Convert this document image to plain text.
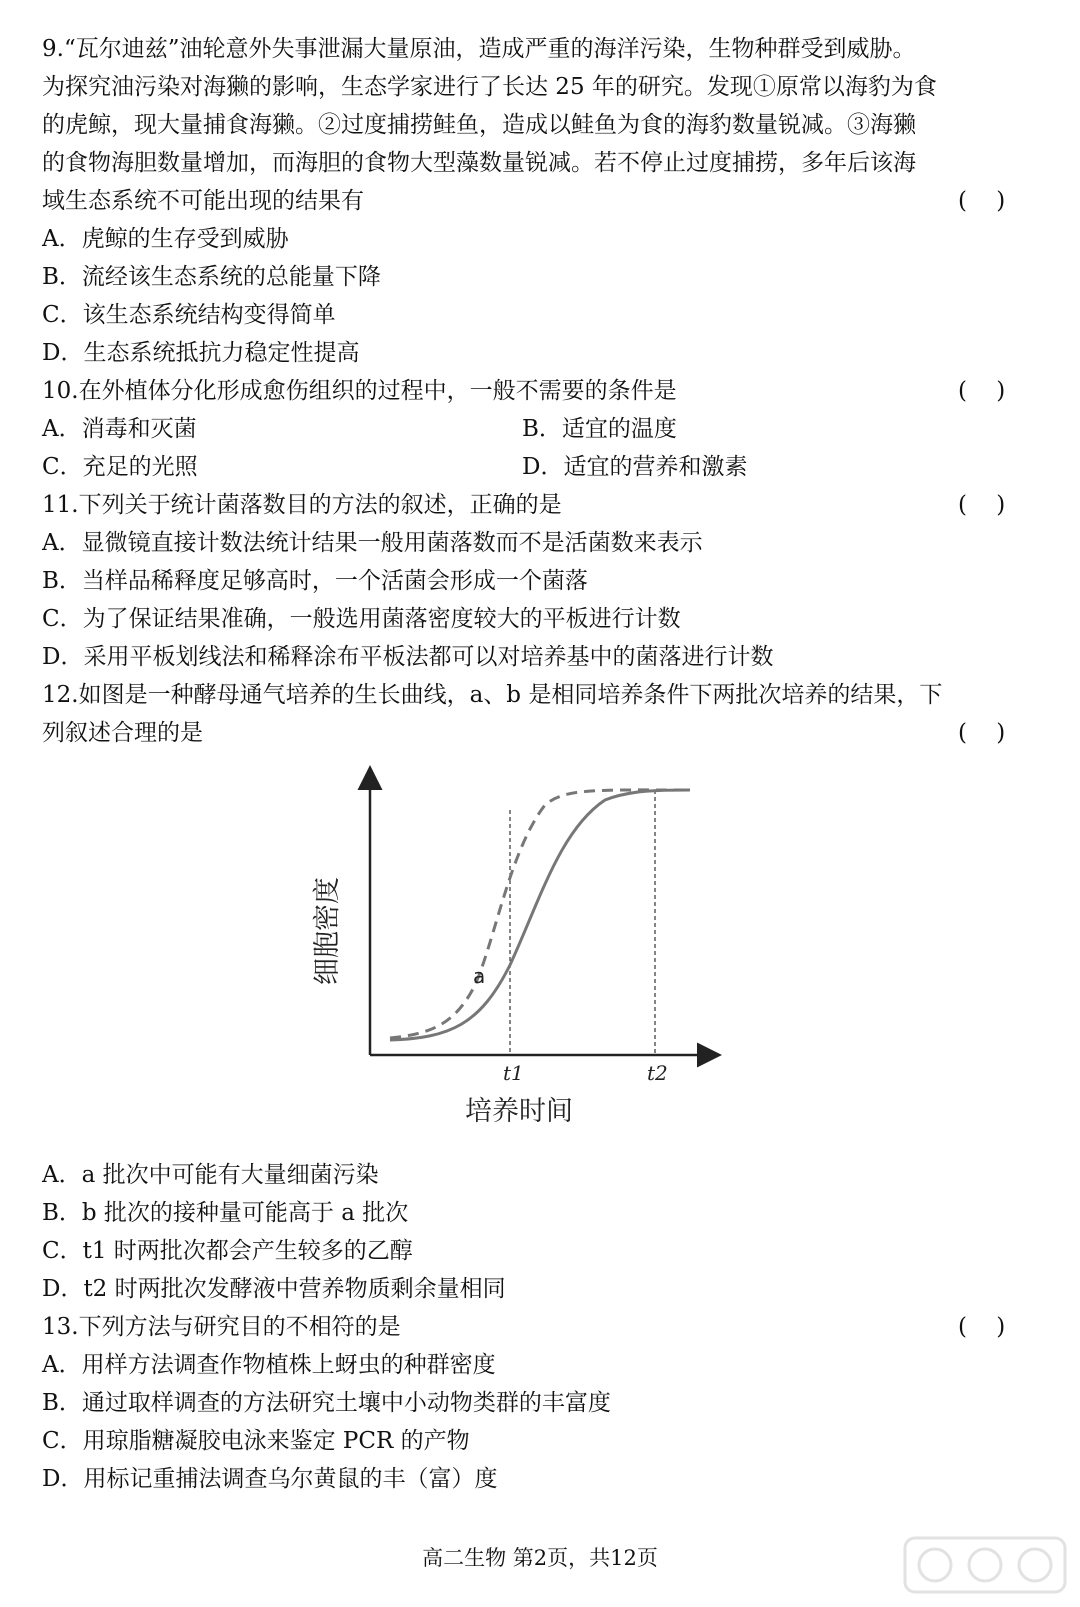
9.“瓦尔迪兹”油轮意外失事泄漏大量原油，造成严重的海洋污染，生物种群受到威胁。
为探究油污染对海獭的影响，生态学家进行了长达 25 年的研究。发现①原常以海豹为食
的虎鲸，现大量捕食海獭。②过度捕捞鲑鱼，造成以鲑鱼为食的海豹数量锐减。③海獭
的食物海胆数量增加，而海胆的食物大型藻数量锐减。若不停止过度捕捞，多年后该海
域生态系统不可能出现的结果有	(    )
A．虎鲸的生存受到威胁
B．流经该生态系统的总能量下降
C．该生态系统结构变得简单
D．生态系统抵抗力稳定性提高
10.在外植体分化形成愈伤组织的过程中，一般不需要的条件是	(    )
A．消毒和灭菌	B．适宜的温度
C．充足的光照	D．适宜的营养和激素
11.下列关于统计菌落数目的方法的叙述，正确的是	(    )
A．显微镜直接计数法统计结果一般用菌落数而不是活菌数来表示
B．当样品稀释度足够高时，一个活菌会形成一个菌落
C．为了保证结果准确，一般选用菌落密度较大的平板进行计数
D．采用平板划线法和稀释涂布平板法都可以对培养基中的菌落进行计数
12.如图是一种酵母通气培养的生长曲线，a、b 是相同培养条件下两批次培养的结果，下
列叙述合理的是	(    )
a
t1	t2
培养时间
细胞密度
A．a 批次中可能有大量细菌污染
B．b 批次的接种量可能高于 a 批次
C．t1 时两批次都会产生较多的乙醇
D．t2 时两批次发酵液中营养物质剩余量相同
13.下列方法与研究目的不相符的是	(    )
A．用样方法调查作物植株上蚜虫的种群密度
B．通过取样调查的方法研究土壤中小动物类群的丰富度
C．用琼脂糖凝胶电泳来鉴定 PCR 的产物
D．用标记重捕法调查乌尔黄鼠的丰（富）度
高二生物 第2页，共12页
